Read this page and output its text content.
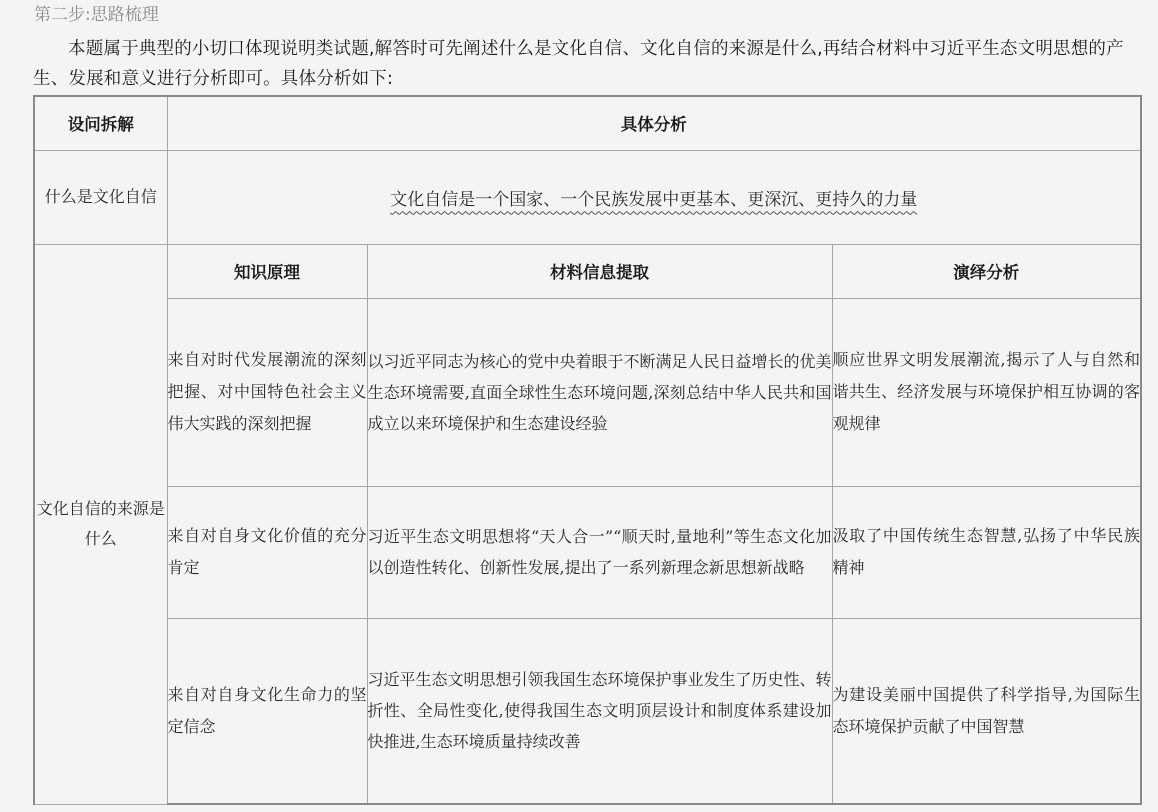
第二步:思路梳理
本题属于典型的小切口体现说明类试题,解答时可先阐述什么是文化自信、文化自信的来源是什么,再结合材料中习近平生态文明思想的产生、发展和意义进行分析即可。具体分析如下:
设问拆解	具体分析		
什么是文化自信	文化自信是一个国家、一个民族发展中更基本、更深沉、更持久的力量		
文化自信的来源是什么	知识原理	材料信息提取	演绎分析
	来自对时代发展潮流的深刻把握、对中国特色社会主义伟大实践的深刻把握	以习近平同志为核心的党中央着眼于不断满足人民日益增长的优美生态环境需要,直面全球性生态环境问题,深刻总结中华人民共和国成立以来环境保护和生态建设经验	顺应世界文明发展潮流,揭示了人与自然和谐共生、经济发展与环境保护相互协调的客观规律
	来自对自身文化价值的充分肯定	习近平生态文明思想将“天人合一”“顺天时,量地利”等生态文化加以创造性转化、创新性发展,提出了一系列新理念新思想新战略	汲取了中国传统生态智慧,弘扬了中华民族精神
	来自对自身文化生命力的坚定信念	习近平生态文明思想引领我国生态环境保护事业发生了历史性、转折性、全局性变化,使得我国生态文明顶层设计和制度体系建设加快推进,生态环境质量持续改善	为建设美丽中国提供了科学指导,为国际生态环境保护贡献了中国智慧
